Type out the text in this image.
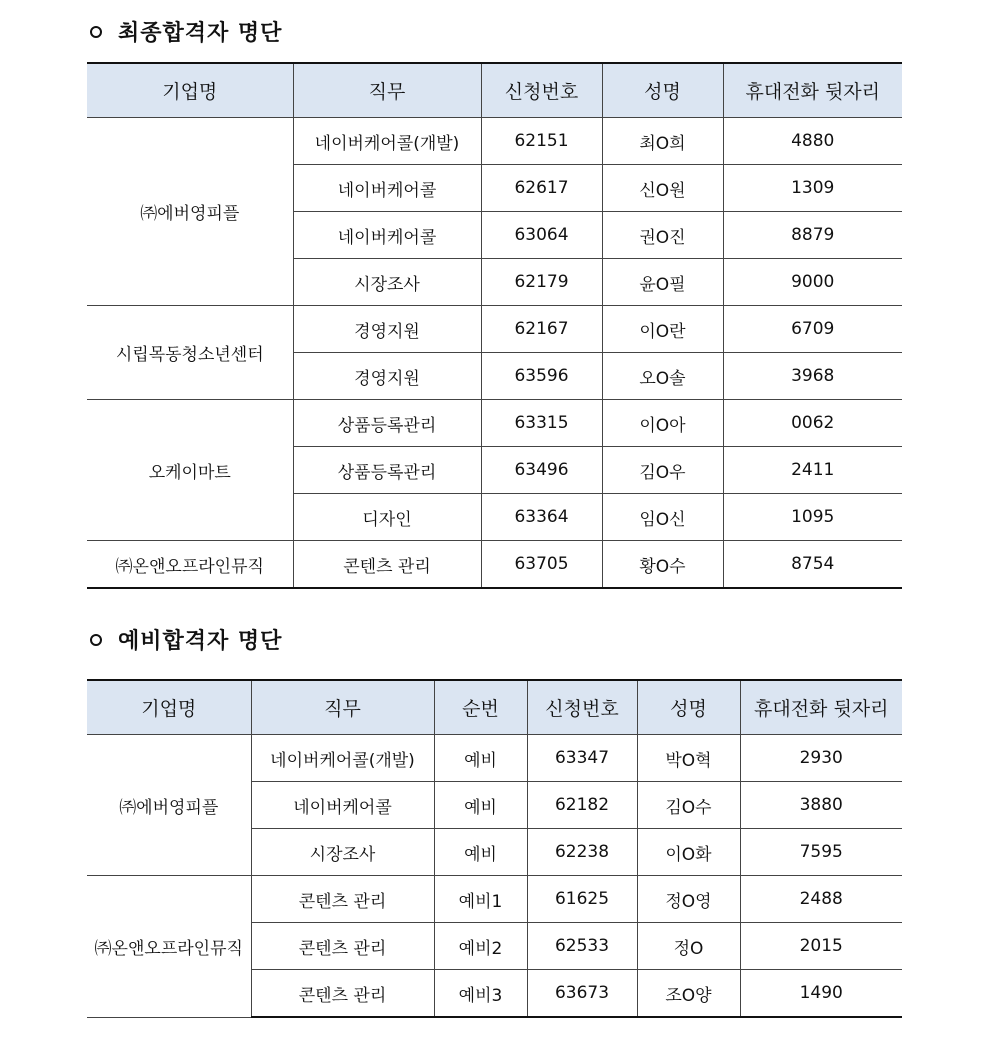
최종합격자 명단
기업명	직무	신청번호	성명	휴대전화 뒷자리
㈜에버영피플	네이버케어콜(개발)	62151	최O희	4880
	네이버케어콜	62617	신O원	1309
	네이버케어콜	63064	권O진	8879
	시장조사	62179	윤O필	9000
시립목동청소년센터	경영지원	62167	이O란	6709
	경영지원	63596	오O솔	3968
오케이마트	상품등록관리	63315	이O아	0062
	상품등록관리	63496	김O우	2411
	디자인	63364	임O신	1095
㈜온앤오프라인뮤직	콘텐츠 관리	63705	황O수	8754
예비합격자 명단
기업명	직무	순번	신청번호	성명	휴대전화 뒷자리
㈜에버영피플	네이버케어콜(개발)	예비	63347	박O혁	2930
	네이버케어콜	예비	62182	김O수	3880
	시장조사	예비	62238	이O화	7595
㈜온앤오프라인뮤직	콘텐츠 관리	예비1	61625	정O영	2488
	콘텐츠 관리	예비2	62533	정O	2015
	콘텐츠 관리	예비3	63673	조O양	1490
